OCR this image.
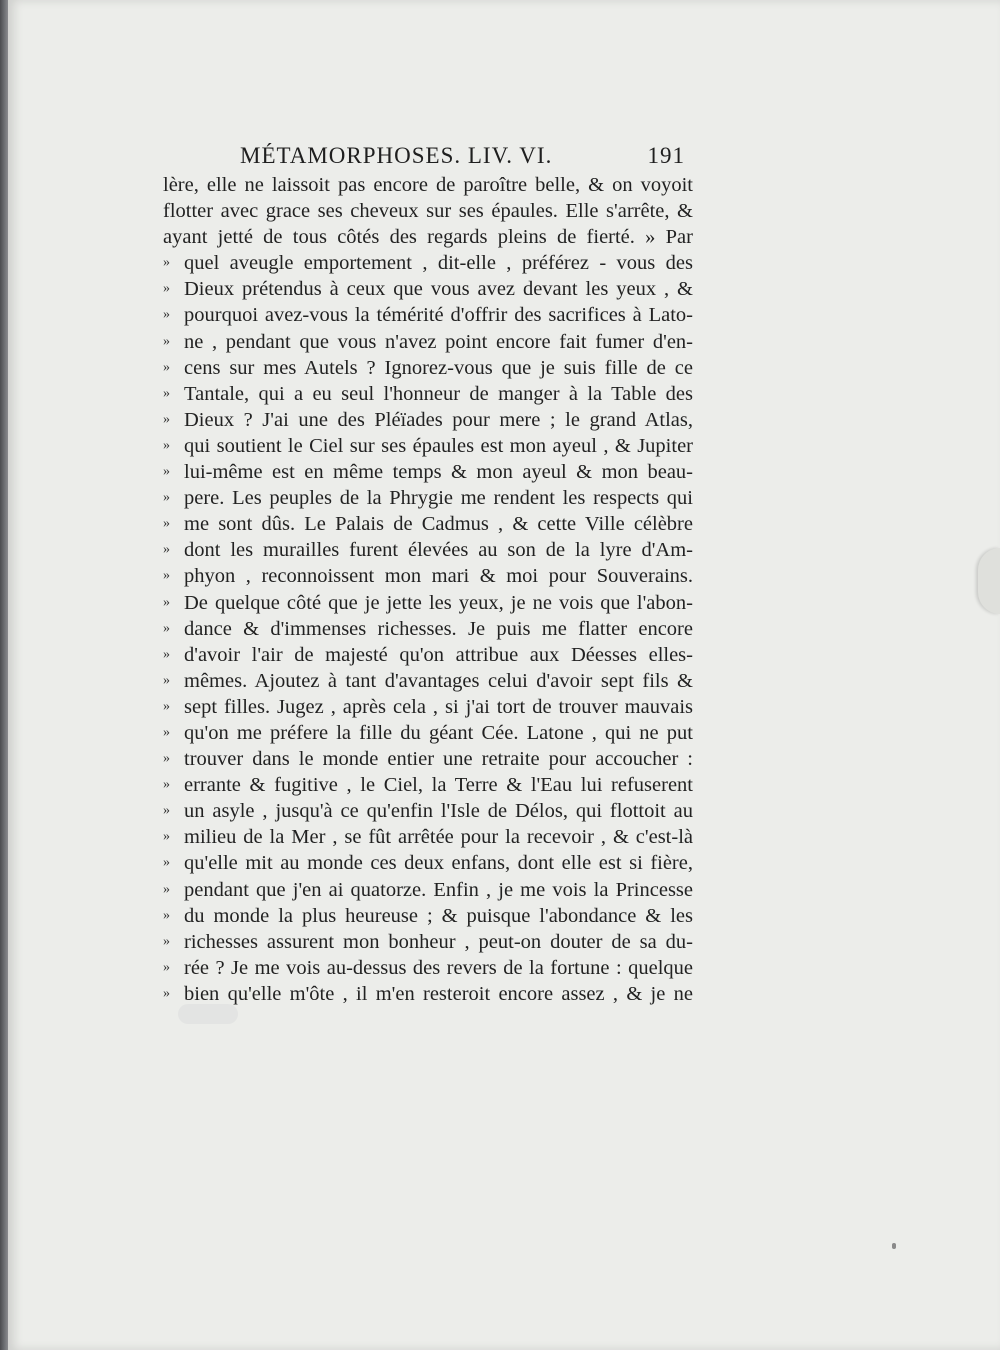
MÉTAMORPHOSES. LIV. VI.	191
lère, elle ne laissoit pas encore de paroître belle, & on voyoit
flotter avec grace ses cheveux sur ses épaules. Elle s'arrête, &
ayant jetté de tous côtés des regards pleins de fierté. » Par
» quel aveugle emportement , dit-elle , préférez - vous des
» Dieux prétendus à ceux que vous avez devant les yeux , &
» pourquoi avez-vous la témérité d'offrir des sacrifices à Lato-
» ne , pendant que vous n'avez point encore fait fumer d'en-
» cens sur mes Autels ? Ignorez-vous que je suis fille de ce
» Tantale, qui a eu seul l'honneur de manger à la Table des
» Dieux ? J'ai une des Pléïades pour mere ; le grand Atlas,
» qui soutient le Ciel sur ses épaules est mon ayeul , & Jupiter
» lui-même est en même temps & mon ayeul & mon beau-
» pere. Les peuples de la Phrygie me rendent les respects qui
» me sont dûs. Le Palais de Cadmus , & cette Ville célèbre
» dont les murailles furent élevées au son de la lyre d'Am-
» phyon , reconnoissent mon mari & moi pour Souverains.
» De quelque côté que je jette les yeux, je ne vois que l'abon-
» dance & d'immenses richesses. Je puis me flatter encore
» d'avoir l'air de majesté qu'on attribue aux Déesses elles-
» mêmes. Ajoutez à tant d'avantages celui d'avoir sept fils &
» sept filles. Jugez , après cela , si j'ai tort de trouver mauvais
» qu'on me préfere la fille du géant Cée. Latone , qui ne put
» trouver dans le monde entier une retraite pour accoucher :
» errante & fugitive , le Ciel, la Terre & l'Eau lui refuserent
» un asyle , jusqu'à ce qu'enfin l'Isle de Délos, qui flottoit au
» milieu de la Mer , se fût arrêtée pour la recevoir , & c'est-là
» qu'elle mit au monde ces deux enfans, dont elle est si fière,
» pendant que j'en ai quatorze. Enfin , je me vois la Princesse
» du monde la plus heureuse ; & puisque l'abondance & les
» richesses assurent mon bonheur , peut-on douter de sa du-
» rée ? Je me vois au-dessus des revers de la fortune : quelque
» bien qu'elle m'ôte , il m'en resteroit encore assez , & je ne
